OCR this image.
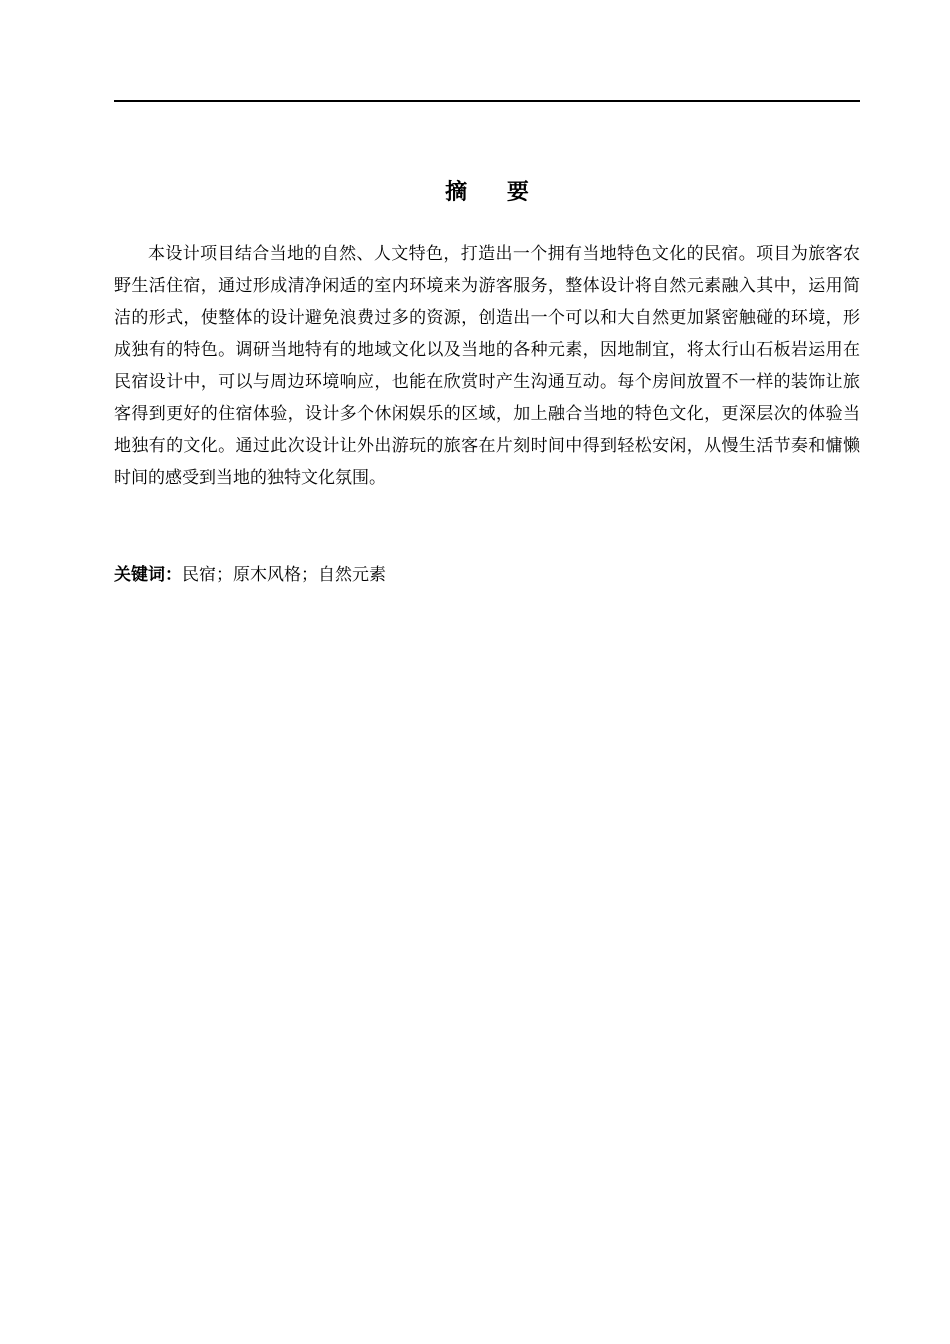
摘 要

本设计项目结合当地的自然、人文特色，打造出一个拥有当地特色文化的民宿。项目为旅客农野生活住宿，通过形成清净闲适的室内环境来为游客服务，整体设计将自然元素融入其中，运用简洁的形式，使整体的设计避免浪费过多的资源，创造出一个可以和大自然更加紧密触碰的环境，形成独有的特色。调研当地特有的地域文化以及当地的各种元素，因地制宜，将太行山石板岩运用在民宿设计中，可以与周边环境响应，也能在欣赏时产生沟通互动。每个房间放置不一样的装饰让旅客得到更好的住宿体验，设计多个休闲娱乐的区域，加上融合当地的特色文化，更深层次的体验当地独有的文化。通过此次设计让外出游玩的旅客在片刻时间中得到轻松安闲，从慢生活节奏和慵懒时间的感受到当地的独特文化氛围。

关键词：民宿；原木风格；自然元素
